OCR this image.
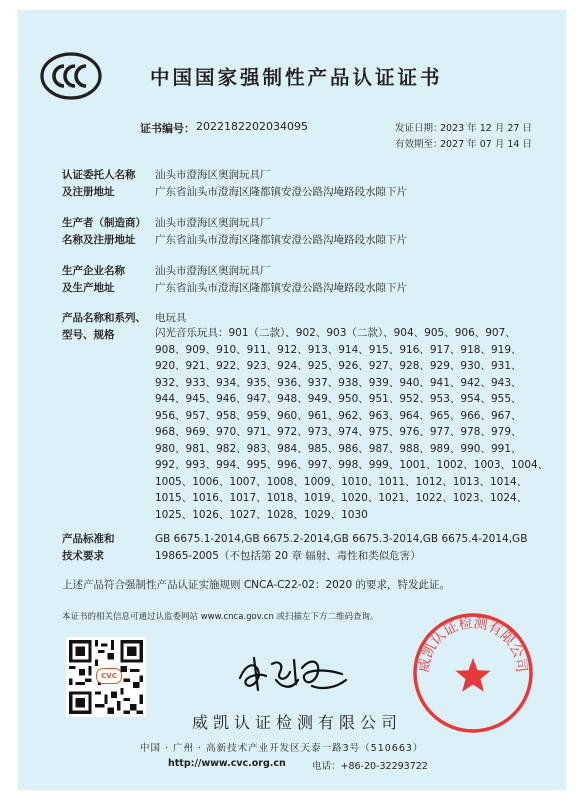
中国国家强制性产品认证证书
证书编号： 2022182202034095	发证日期：
2023 年 12 月 27 日
有效期至：
2027 年 07 月 14 日
认证委托人名称
及注册地址
汕头市澄海区奥润玩具厂
广东省汕头市澄海区隆都镇安澄公路沟埯路段水隙下片
生产者（制造商）
名称及注册地址
汕头市澄海区奥润玩具厂
广东省汕头市澄海区隆都镇安澄公路沟埯路段水隙下片
生产企业名称
及生产地址
汕头市澄海区奥润玩具厂
广东省汕头市澄海区隆都镇安澄公路沟埯路段水隙下片
产品名称和系列、
型号、规格
电玩具
闪光音乐玩具：901（二款）、902、903（二款）、904、905、906、907、
908、909、910、911、912、913、914、915、916、917、918、919、
920、921、922、923、924、925、926、927、928、929、930、931、
932、933、934、935、936、937、938、939、940、941、942、943、
944、945、946、947、948、949、950、951、952、953、954、955、
956、957、958、959、960、961、962、963、964、965、966、967、
968、969、970、971、972、973、974、975、976、977、978、979、
980、981、982、983、984、985、986、987、988、989、990、991、
992、993、994、995、996、997、998、999、1001、1002、1003、1004、
1005、1006、1007、1008、1009、1010、1011、1012、1013、1014、
1015、1016、1017、1018、1019、1020、1021、1022、1023、1024、
1025、1026、1027、1028、1029、1030
产品标准和
技术要求
GB 6675.1-2014,GB 6675.2-2014,GB 6675.3-2014,GB 6675.4-2014,GB
19865-2005（不包括第 20 章 辐射、毒性和类似危害）
上述产品符合强制性产品认证实施规则 CNCA-C22-02：2020 的要求，特发此证。
本证书的相关信息可通过认监委网站 www.cnca.gov.cn 或扫描左下方二维码查询。
CVC
威凯认证检测有限公司
威凯认证检测有限公司
中国 · 广州 · 高新技术产业开发区天泰一路3号（510663）
http://www.cvc.org.cn	电话：+86-20-32293722
